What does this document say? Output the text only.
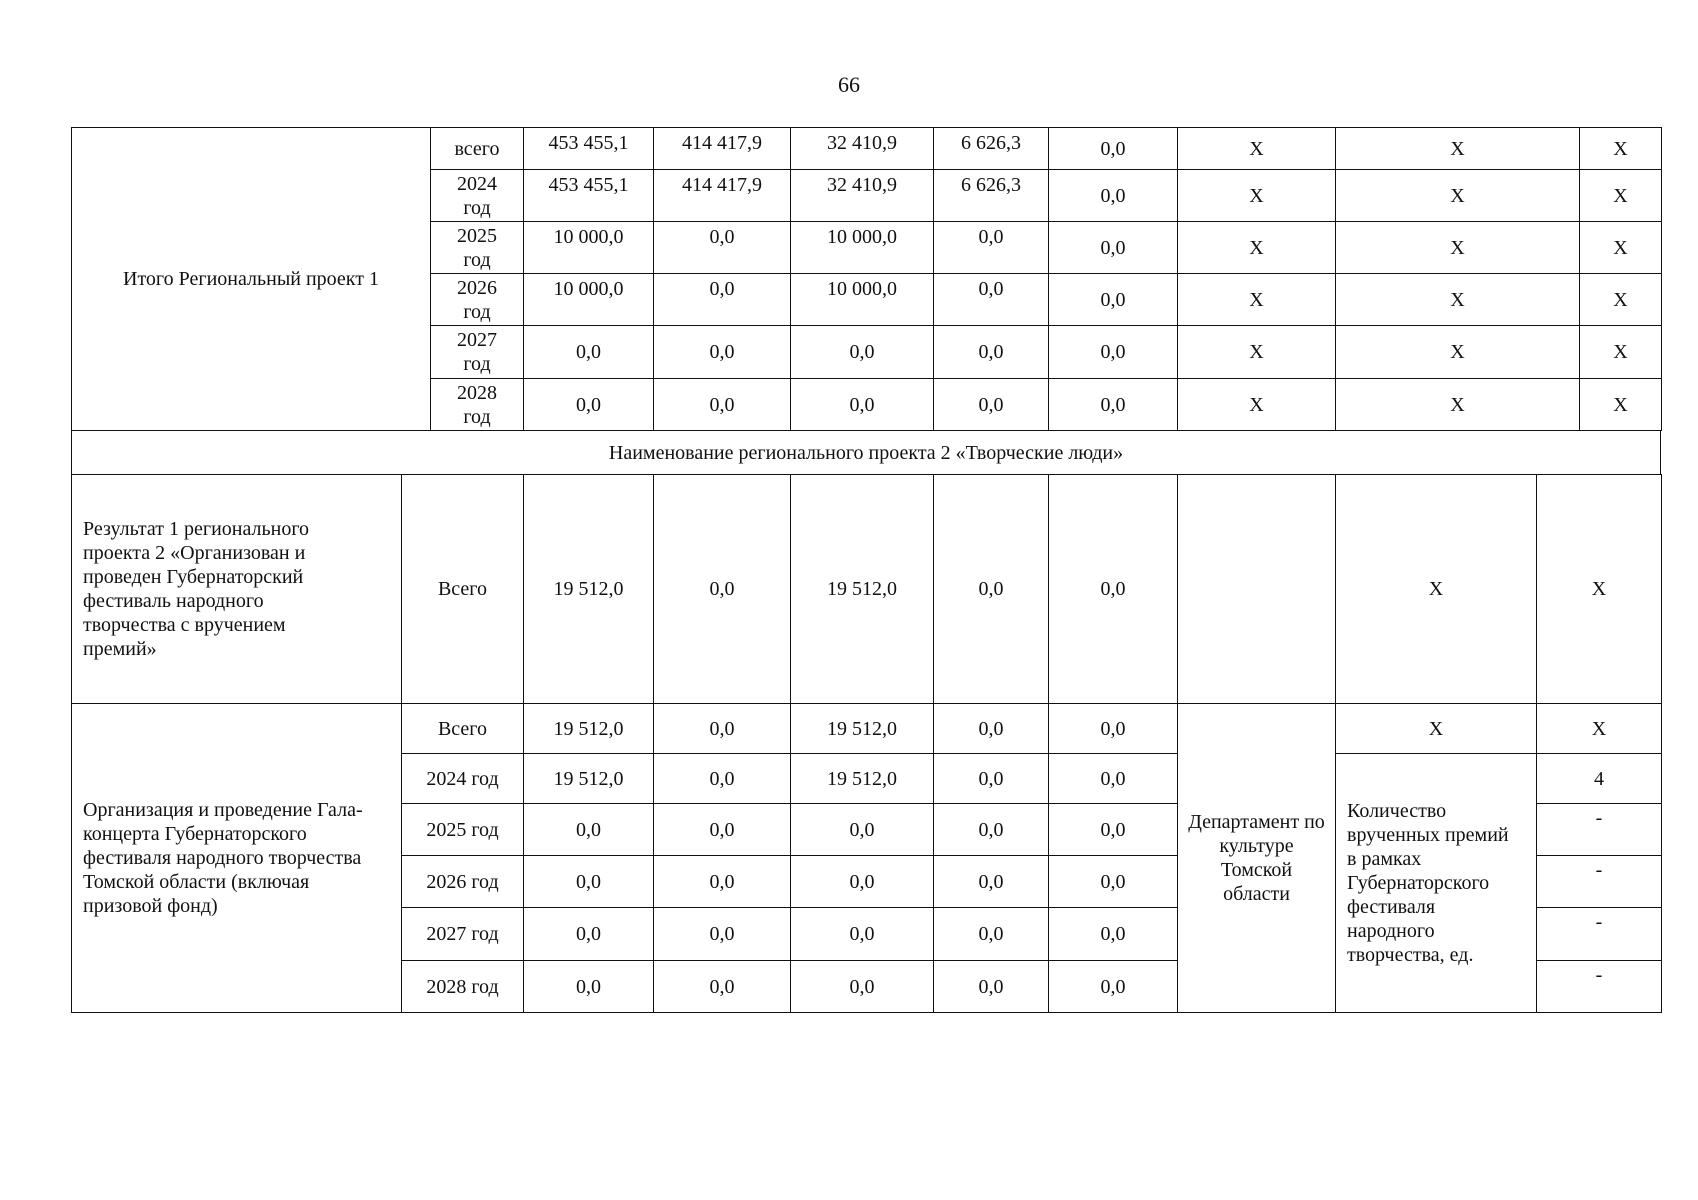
66
Итого Региональный проект 1	всего	453 455,1	414 417,9	32 410,9	6 626,3	0,0	X	X	X
	2024 год	453 455,1	414 417,9	32 410,9	6 626,3	0,0	X	X	X
	2025 год	10 000,0	0,0	10 000,0	0,0	0,0	X	X	X
	2026 год	10 000,0	0,0	10 000,0	0,0	0,0	X	X	X
	2027 год	0,0	0,0	0,0	0,0	0,0	X	X	X
	2028 год	0,0	0,0	0,0	0,0	0,0	X	X	X
Наименование регионального проекта 2 «Творческие люди»
Результат 1 регионального проекта 2 «Организован и проведен Губернаторский фестиваль народного творчества с вручением премий»	Всего	19 512,0	0,0	19 512,0	0,0	0,0		X	X
Организация и проведение Гала-концерта Губернаторского фестиваля народного творчества Томской области (включая призовой фонд)	Всего	19 512,0	0,0	19 512,0	0,0	0,0	Департамент по культуре Томской области	X	X
	2024 год	19 512,0	0,0	19 512,0	0,0	0,0		Количество врученных премий в рамках Губернаторского фестиваля народного творчества, ед.	4
	2025 год	0,0	0,0	0,0	0,0	0,0			-
	2026 год	0,0	0,0	0,0	0,0	0,0			-
	2027 год	0,0	0,0	0,0	0,0	0,0			-
	2028 год	0,0	0,0	0,0	0,0	0,0			-
